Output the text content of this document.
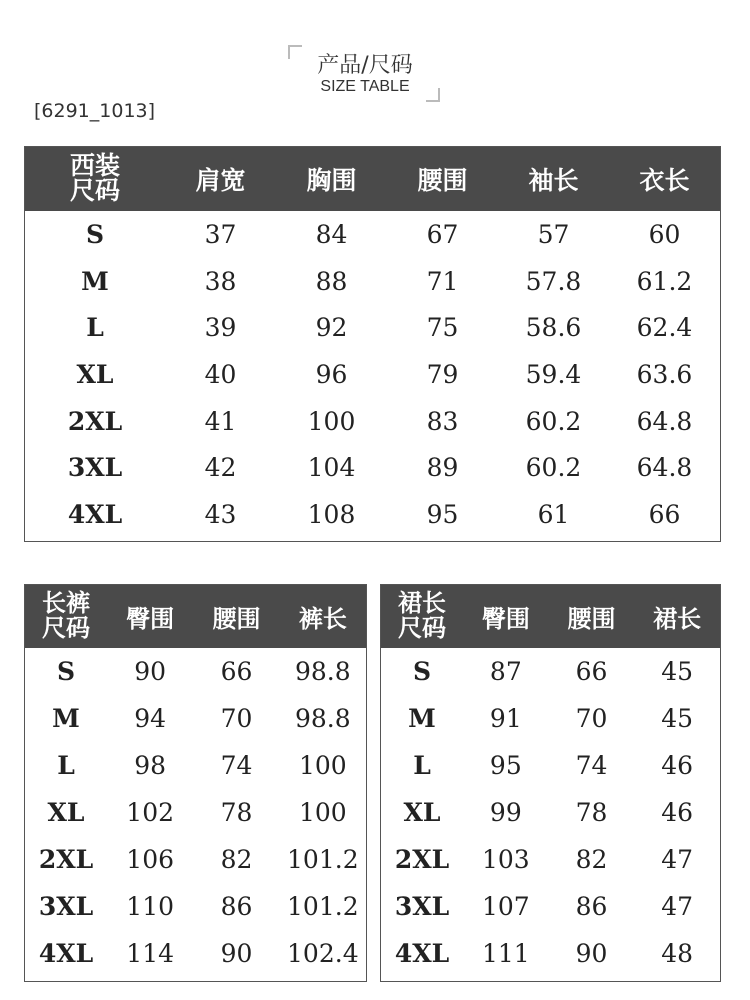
产品/尺码
SIZE TABLE
[6291_1013]
西装
尺码	肩宽	胸围	腰围	袖长	衣长
S	37	84	67	57	60
M	38	88	71	57.8	61.2
L	39	92	75	58.6	62.4
XL	40	96	79	59.4	63.6
2XL	41	100	83	60.2	64.8
3XL	42	104	89	60.2	64.8
4XL	43	108	95	61	66
长裤
尺码	臀围	腰围	裤长
S	90	66	98.8
M	94	70	98.8
L	98	74	100
XL	102	78	100
2XL	106	82	101.2
3XL	110	86	101.2
4XL	114	90	102.4
裙长
尺码	臀围	腰围	裙长
S	87	66	45
M	91	70	45
L	95	74	46
XL	99	78	46
2XL	103	82	47
3XL	107	86	47
4XL	111	90	48
